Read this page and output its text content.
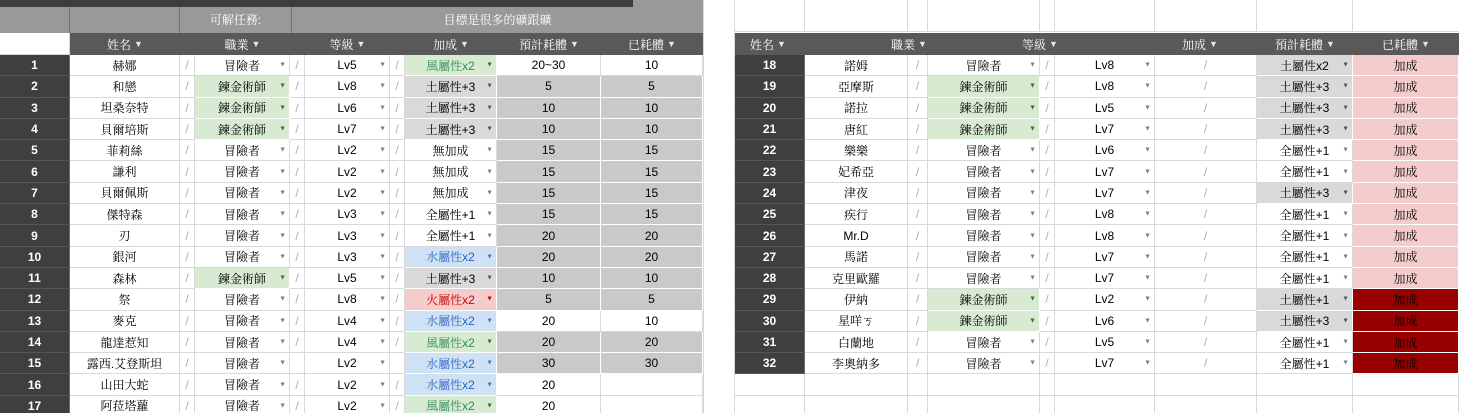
可解任務:	目標是很多的礦跟礦
姓名 ▼	職業 ▼	等級 ▼	加成 ▼	預計耗體 ▼	已耗體 ▼	姓名 ▼	職業 ▼	等級 ▼	加成 ▼	預計耗體 ▼	已耗體 ▼
1	赫娜	/	冒險者	▼ /	Lv5	▼ /	風屬性x2 ▼	20~30	10
2	和戀	/	鍊金術師 ▼ /	Lv8	▼ /	土屬性+3 ▼	5	5
3	坦桑奈特	/	鍊金術師 ▼ /	Lv6	▼ /	土屬性+3 ▼	10	10
4	貝爾培斯	/	鍊金術師 ▼ /	Lv7	▼ /	土屬性+3 ▼	10	10
5	菲莉絲	/	冒險者	▼ /	Lv2	▼ /	無加成	▼	15	15
6	謙利	/	冒險者	▼ /	Lv2	▼ /	無加成	▼	15	15
7	貝爾佩斯	/	冒險者	▼ /	Lv2	▼ /	無加成	▼	15	15
8	傑特森	/	冒險者	▼ /	Lv3	▼ /	全屬性+1 ▼	15	15
9	刃	/	冒險者	▼ /	Lv3	▼ /	全屬性+1 ▼	20	20
10	銀河	/	冒險者	▼ /	Lv3	▼ /	水屬性x2 ▼	20	20
11	森林	/	鍊金術師 ▼ /	Lv5	▼ /	土屬性+3 ▼	10	10
12	祭	/	冒險者	▼ /	Lv8	▼ /	火屬性x2 ▼	5	5
13	麥克	/	冒險者	▼ /	Lv4	▼ /	水屬性x2 ▼	20	10
14	龍達惹知	/	冒險者	▼ /	Lv4	▼ /	風屬性x2 ▼	20	20
15	露西.艾登斯坦	/	冒險者	▼	Lv2	▼	水屬性x2 ▼	30	30
16	山田大蛇	/	冒險者	▼ /	Lv2	▼ /	水屬性x2 ▼	20
17	阿菈塔蘿	/	冒險者	▼ /	Lv2	▼ /	風屬性x2 ▼	20
18	諾姆	/	冒險者	▼ /	Lv8	▼	/	土屬性x2 ▼	加成
19	亞摩斯	/	鍊金術師	▼ /	Lv8	▼	/	土屬性+3 ▼	加成
20	諾拉	/	鍊金術師	▼ /	Lv5	▼	/	土屬性+3 ▼	加成
21	唐紅	/	鍊金術師	▼ /	Lv7	▼	/	土屬性+3 ▼	加成
22	樂樂	/	冒險者	▼ /	Lv6	▼	/	全屬性+1 ▼	加成
23	妃希亞	/	冒險者	▼ /	Lv7	▼	/	全屬性+1 ▼	加成
24	津夜	/	冒險者	▼ /	Lv7	▼	/	土屬性+3 ▼	加成
25	疾行	/	冒險者	▼ /	Lv8	▼	/	全屬性+1 ▼	加成
26	Mr.D	/	冒險者	▼ /	Lv8	▼	/	全屬性+1 ▼	加成
27	馬諾	/	冒險者	▼ /	Lv7	▼	/	全屬性+1 ▼	加成
28	克里歐羅	/	冒險者	▼ /	Lv7	▼	/	全屬性+1 ▼	加成
29	伊納	/	鍊金術師	▼ /	Lv2	▼	/	土屬性+1 ▼	加成
30	星咩ㄎ	/	鍊金術師	▼ /	Lv6	▼	/	土屬性+3 ▼	加成
31	白蘭地	/	冒險者	▼ /	Lv5	▼	/	全屬性+1 ▼	加成
32	李奧納多	/	冒險者	▼ /	Lv7	▼	/	全屬性+1 ▼	加成
